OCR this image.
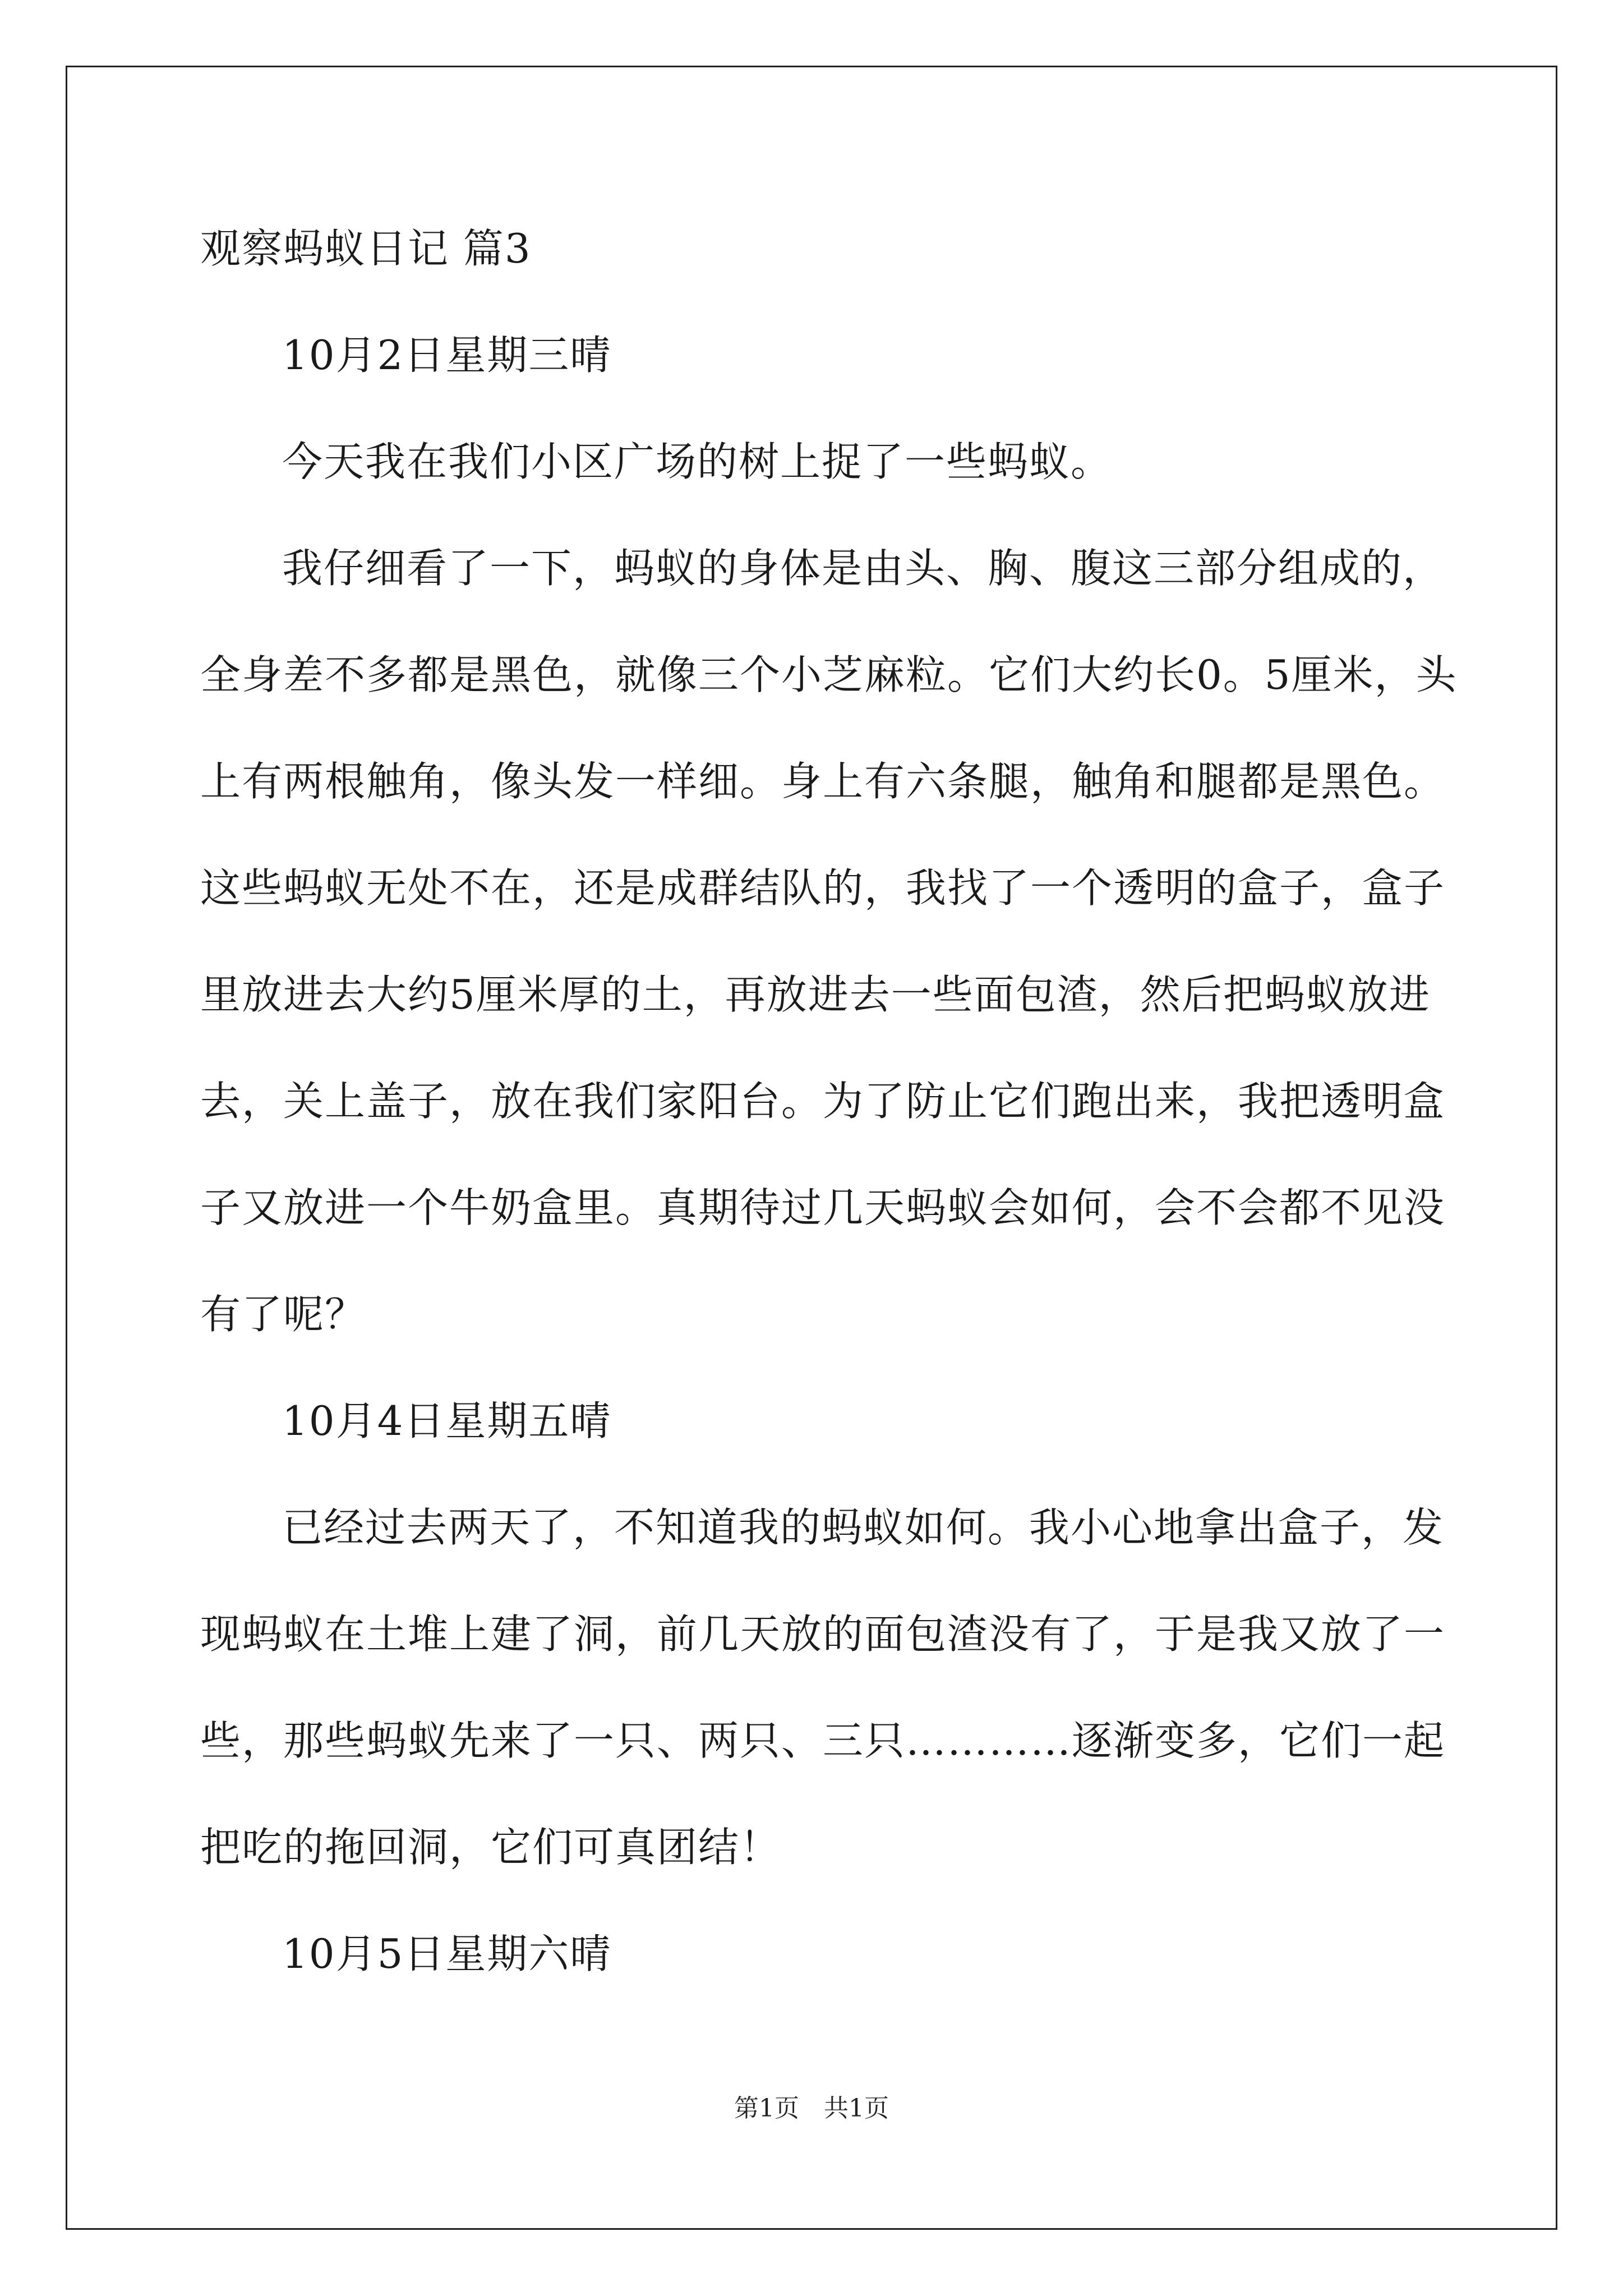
观察蚂蚁日记 篇3
10月2日星期三晴
今天我在我们小区广场的树上捉了一些蚂蚁。
我仔细看了一下，蚂蚁的身体是由头、胸、腹这三部分组成的，
全身差不多都是黑色，就像三个小芝麻粒。它们大约长0。5厘米，头
上有两根触角，像头发一样细。身上有六条腿，触角和腿都是黑色。
这些蚂蚁无处不在，还是成群结队的，我找了一个透明的盒子，盒子
里放进去大约5厘米厚的土，再放进去一些面包渣，然后把蚂蚁放进
去，关上盖子，放在我们家阳台。为了防止它们跑出来，我把透明盒
子又放进一个牛奶盒里。真期待过几天蚂蚁会如何，会不会都不见没
有了呢？
10月4日星期五晴
已经过去两天了，不知道我的蚂蚁如何。我小心地拿出盒子，发
现蚂蚁在土堆上建了洞，前几天放的面包渣没有了，于是我又放了一
些，那些蚂蚁先来了一只、两只、三只…………逐渐变多，它们一起
把吃的拖回洞，它们可真团结！
10月5日星期六晴
第1页　共1页
